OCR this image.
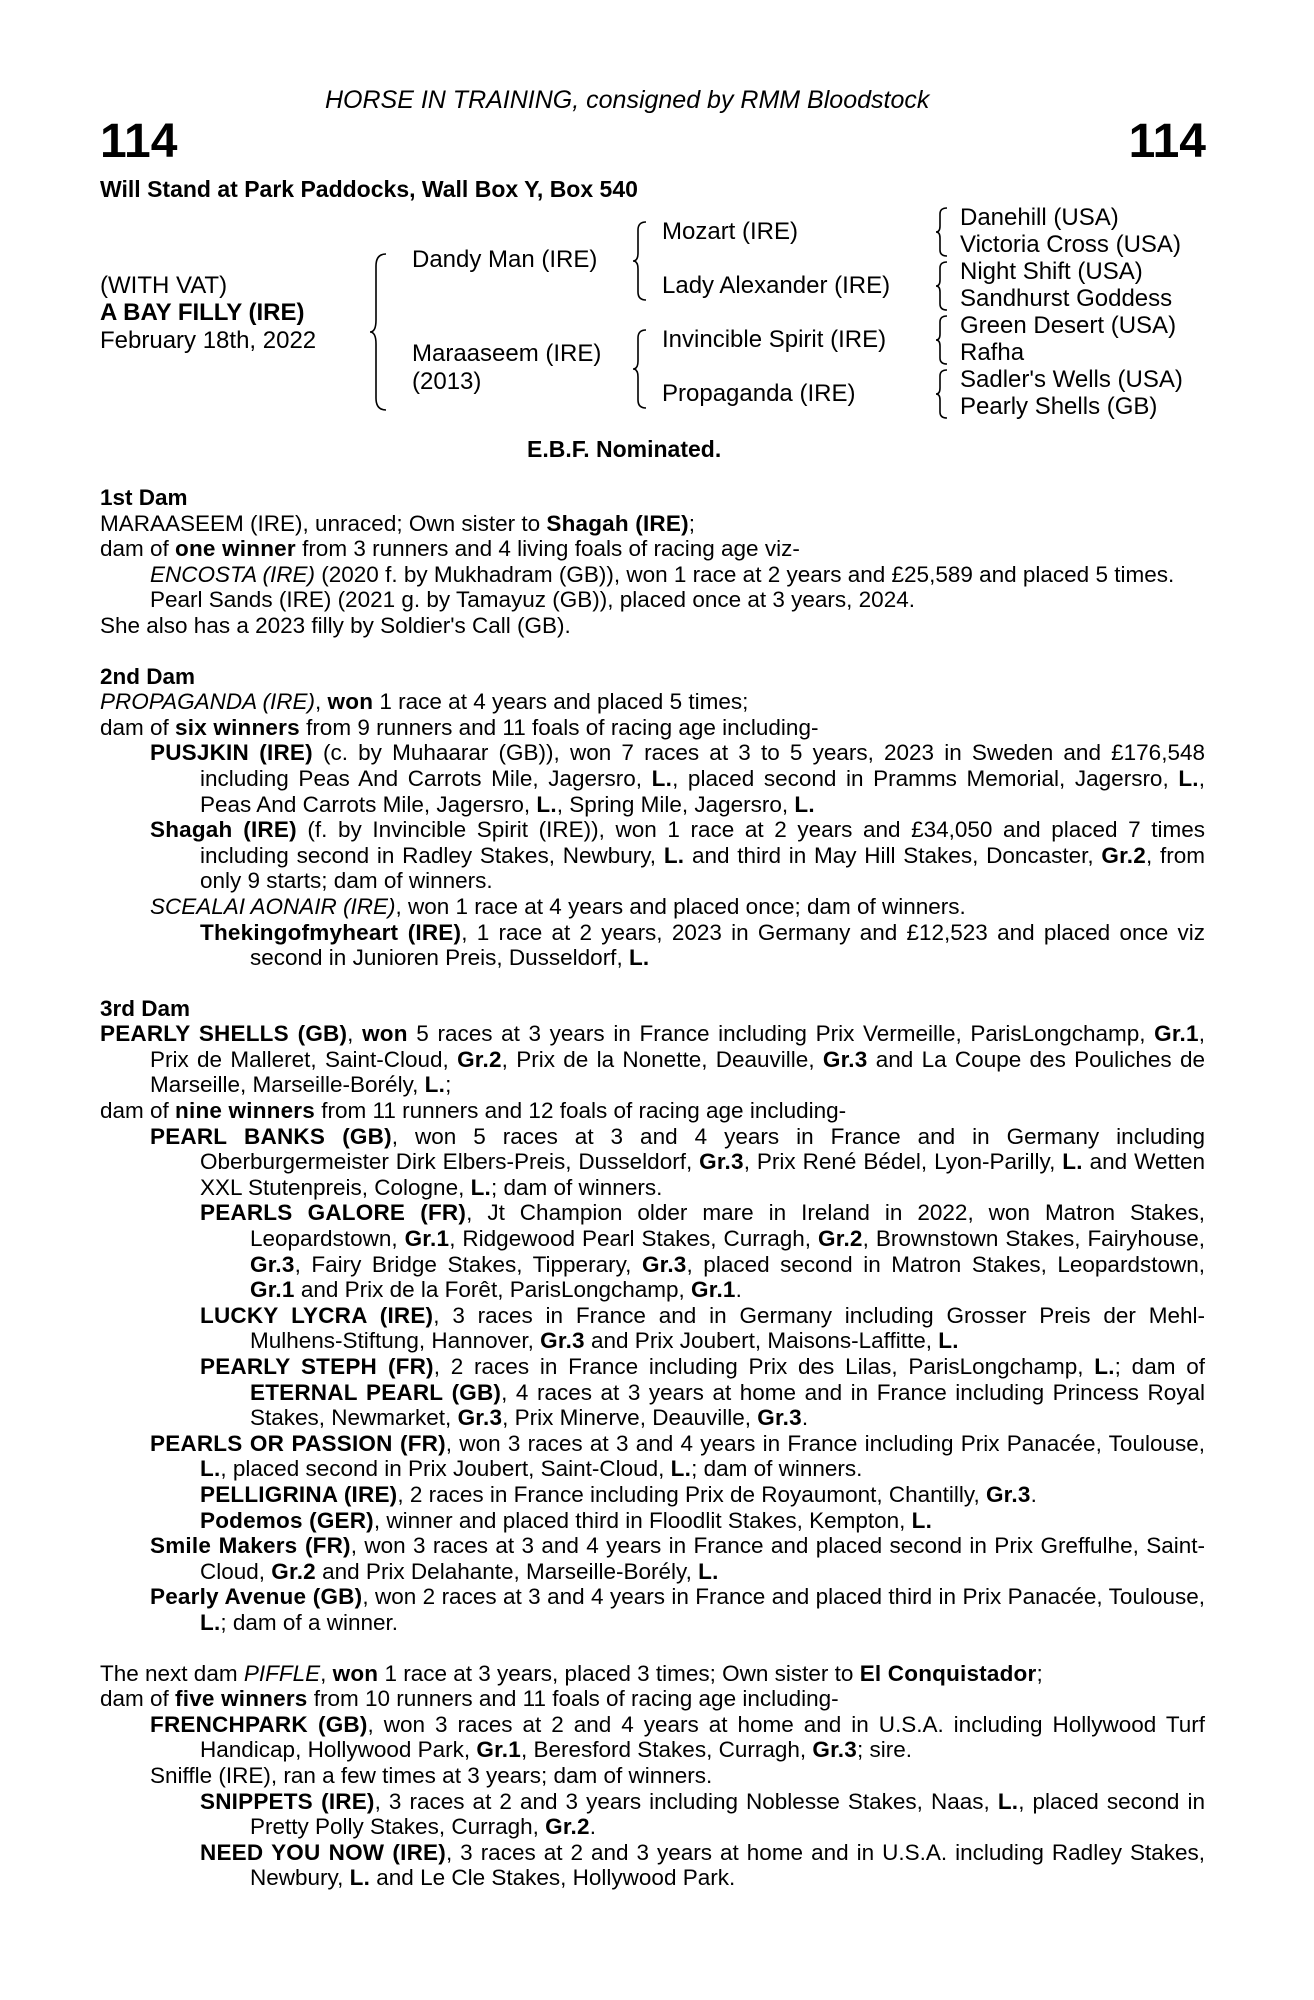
HORSE IN TRAINING, consigned by RMM Bloodstock
114	114
Will Stand at Park Paddocks, Wall Box Y, Box 540
(WITH VAT)
A BAY FILLY (IRE)
February 18th, 2022
Dandy Man (IRE)
Maraaseem (IRE)
(2013)
Mozart (IRE)
Lady Alexander (IRE)
Invincible Spirit (IRE)
Propaganda (IRE)
Danehill (USA)
Victoria Cross (USA)
Night Shift (USA)
Sandhurst Goddess
Green Desert (USA)
Rafha
Sadler's Wells (USA)
Pearly Shells (GB)
E.B.F. Nominated.

1st Dam

MARAASEEM (IRE), unraced; Own sister to Shagah (IRE);

dam of one winner from 3 runners and 4 living foals of racing age viz-

ENCOSTA (IRE) (2020 f. by Mukhadram (GB)), won 1 race at 2 years and £25,589 and placed 5 times.

Pearl Sands (IRE) (2021 g. by Tamayuz (GB)), placed once at 3 years, 2024.

She also has a 2023 filly by Soldier's Call (GB).

2nd Dam

PROPAGANDA (IRE), won 1 race at 4 years and placed 5 times;

dam of six winners from 9 runners and 11 foals of racing age including-

PUSJKIN (IRE) (c. by Muhaarar (GB)), won 7 races at 3 to 5 years, 2023 in Sweden and £176,548 including Peas And Carrots Mile, Jagersro, L., placed second in Pramms Memorial, Jagersro, L., Peas And Carrots Mile, Jagersro, L., Spring Mile, Jagersro, L.

Shagah (IRE) (f. by Invincible Spirit (IRE)), won 1 race at 2 years and £34,050 and placed 7 times including second in Radley Stakes, Newbury, L. and third in May Hill Stakes, Doncaster, Gr.2, from only 9 starts; dam of winners.

SCEALAI AONAIR (IRE), won 1 race at 4 years and placed once; dam of winners.

Thekingofmyheart (IRE), 1 race at 2 years, 2023 in Germany and £12,523 and placed once viz second in Junioren Preis, Dusseldorf, L.

3rd Dam

PEARLY SHELLS (GB), won 5 races at 3 years in France including Prix Vermeille, ParisLongchamp, Gr.1, Prix de Malleret, Saint-Cloud, Gr.2, Prix de la Nonette, Deauville, Gr.3 and La Coupe des Pouliches de Marseille, Marseille-Borély, L.;

dam of nine winners from 11 runners and 12 foals of racing age including-

PEARL BANKS (GB), won 5 races at 3 and 4 years in France and in Germany including Oberburgermeister Dirk Elbers-Preis, Dusseldorf, Gr.3, Prix René Bédel, Lyon-Parilly, L. and Wetten XXL Stutenpreis, Cologne, L.; dam of winners.

PEARLS GALORE (FR), Jt Champion older mare in Ireland in 2022, won Matron Stakes, Leopardstown, Gr.1, Ridgewood Pearl Stakes, Curragh, Gr.2, Brownstown Stakes, Fairyhouse, Gr.3, Fairy Bridge Stakes, Tipperary, Gr.3, placed second in Matron Stakes, Leopardstown, Gr.1 and Prix de la Forêt, ParisLongchamp, Gr.1.

LUCKY LYCRA (IRE), 3 races in France and in Germany including Grosser Preis der Mehl-Mulhens-Stiftung, Hannover, Gr.3 and Prix Joubert, Maisons-Laffitte, L.

PEARLY STEPH (FR), 2 races in France including Prix des Lilas, ParisLongchamp, L.; dam of ETERNAL PEARL (GB), 4 races at 3 years at home and in France including Princess Royal Stakes, Newmarket, Gr.3, Prix Minerve, Deauville, Gr.3.

PEARLS OR PASSION (FR), won 3 races at 3 and 4 years in France including Prix Panacée, Toulouse, L., placed second in Prix Joubert, Saint-Cloud, L.; dam of winners.

PELLIGRINA (IRE), 2 races in France including Prix de Royaumont, Chantilly, Gr.3.

Podemos (GER), winner and placed third in Floodlit Stakes, Kempton, L.

Smile Makers (FR), won 3 races at 3 and 4 years in France and placed second in Prix Greffulhe, Saint-Cloud, Gr.2 and Prix Delahante, Marseille-Borély, L.

Pearly Avenue (GB), won 2 races at 3 and 4 years in France and placed third in Prix Panacée, Toulouse, L.; dam of a winner.

The next dam PIFFLE, won 1 race at 3 years, placed 3 times; Own sister to El Conquistador;

dam of five winners from 10 runners and 11 foals of racing age including-

FRENCHPARK (GB), won 3 races at 2 and 4 years at home and in U.S.A. including Hollywood Turf Handicap, Hollywood Park, Gr.1, Beresford Stakes, Curragh, Gr.3; sire.

Sniffle (IRE), ran a few times at 3 years; dam of winners.

SNIPPETS (IRE), 3 races at 2 and 3 years including Noblesse Stakes, Naas, L., placed second in Pretty Polly Stakes, Curragh, Gr.2.

NEED YOU NOW (IRE), 3 races at 2 and 3 years at home and in U.S.A. including Radley Stakes, Newbury, L. and Le Cle Stakes, Hollywood Park.
